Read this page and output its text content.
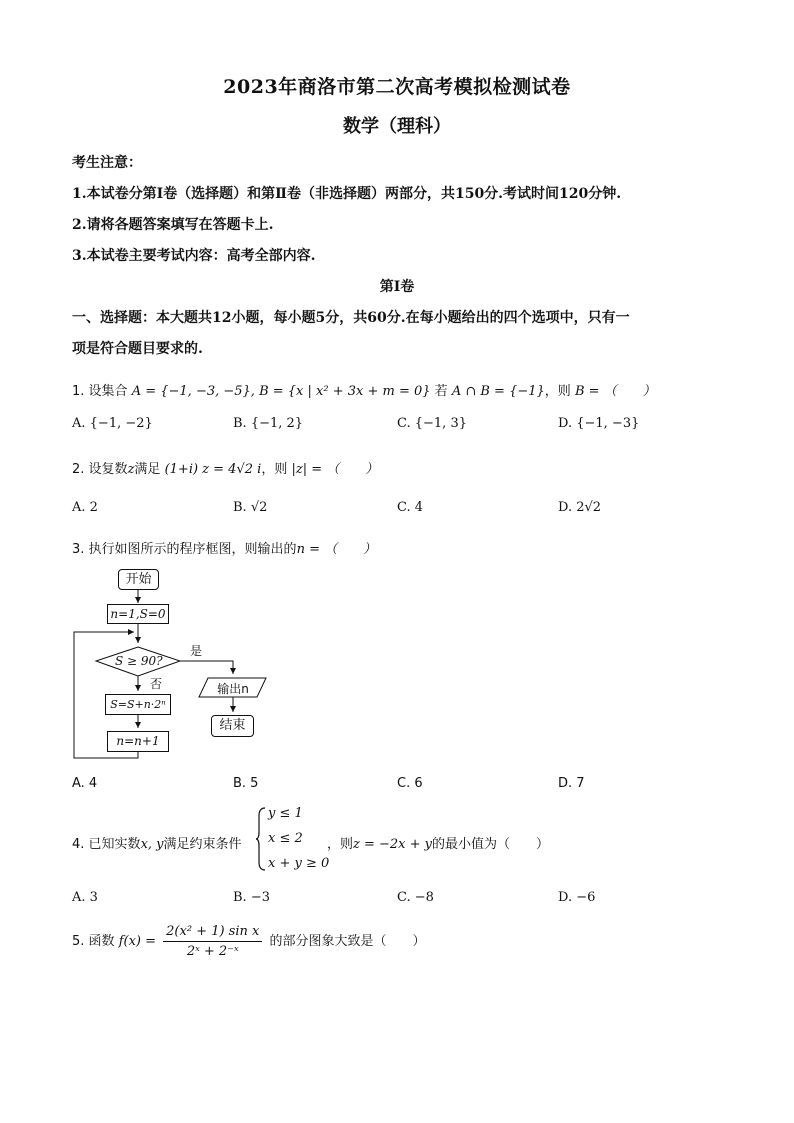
2023年商洛市第二次高考模拟检测试卷
数学（理科）
考生注意：
1.本试卷分第Ⅰ卷（选择题）和第Ⅱ卷（非选择题）两部分，共150分.考试时间120分钟.
2.请将各题答案填写在答题卡上.
3.本试卷主要考试内容：高考全部内容.
第Ⅰ卷
一、选择题：本大题共12小题，每小题5分，共60分.在每小题给出的四个选项中，只有一
项是符合题目要求的.
1. 设集合 A = {−1, −3, −5}, B = {x | x² + 3x + m = 0} 若 A ∩ B = {−1}，则 B = （　　）
A. {−1, −2}	B. {−1, 2}	C. {−1, 3}	D. {−1, −3}
2. 设复数z满足 (1+i) z = 4√2 i，则 |z| = （　　）
A. 2	B. √2	C. 4	D. 2√2
3. 执行如图所示的程序框图，则输出的n = （　　）
开始
n=1,S=0
S ≥ 90?
是
否	输出n
结束
S=S+n·2ⁿ
n=n+1
A. 4	B. 5	C. 6	D. 7
4. 已知实数x, y满足约束条件
y ≤ 1
x ≤ 2
x + y ≥ 0
，则z = −2x + y的最小值为（　　）
A. 3	B. −3	C. −8	D. −6
5. 函数 $f(x) = \frac{\text{2(x² + 1) sin x}}{\text{2ˣ + 2⁻ˣ}}$ 的部分图象大致是（　　）
